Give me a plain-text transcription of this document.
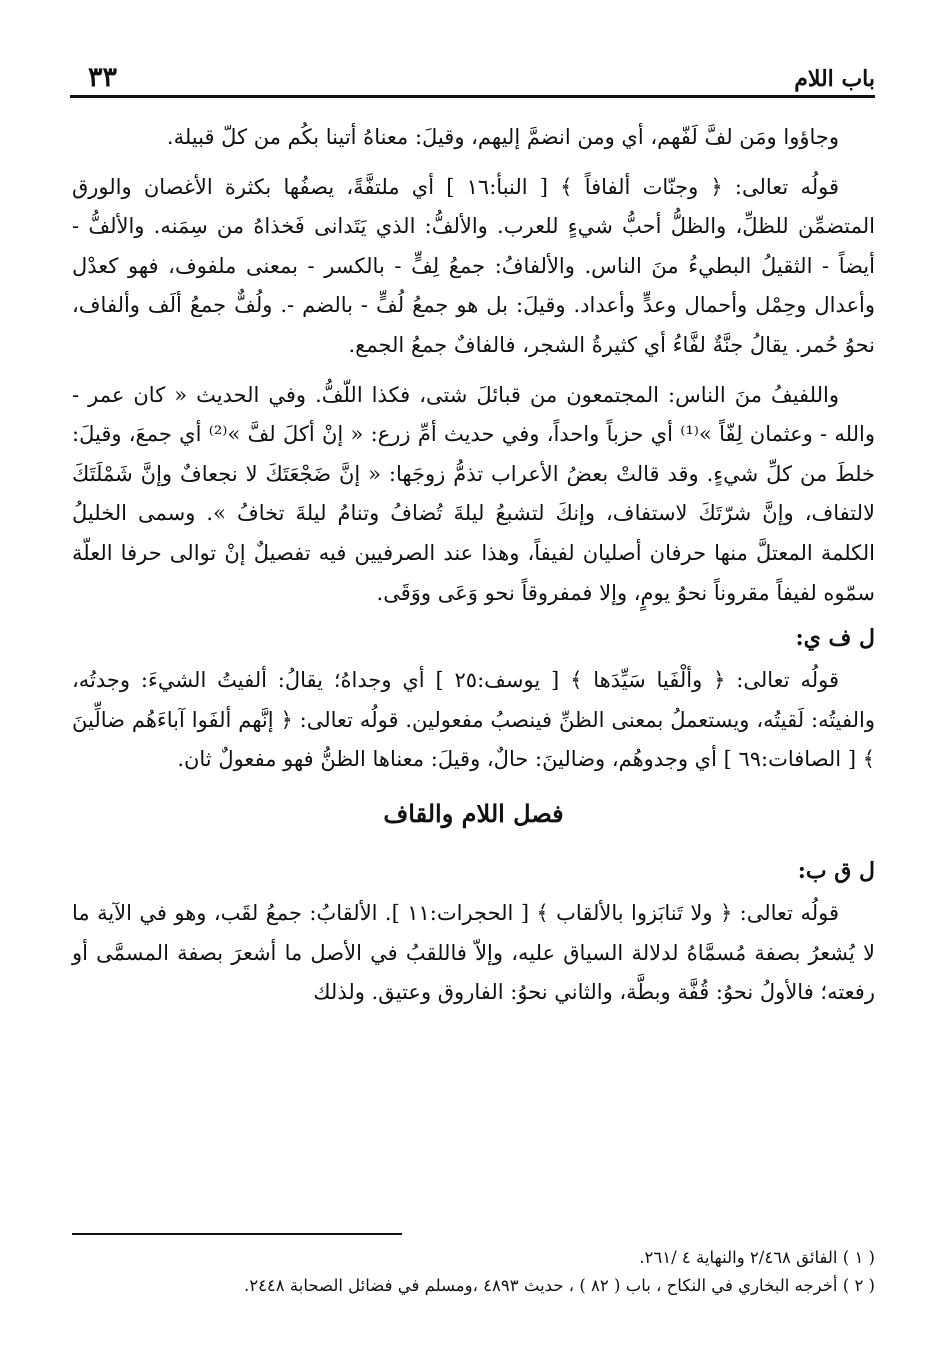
باب اللام
٣٣

وجاؤوا ومَن لفَّ لَفّهم، أي ومن انضمَّ إليهم، وقيلَ: معناهُ أتينا بكُم من كلّ قبيلة.

قولُه تعالى: ﴿ وجنّات ألفافاً ﴾ [ النبأ:١٦ ] أي ملتفَّةً، يصفُها بكثرة الأغصان والورق المتضمِّن للظلِّ، والظلُّ أحبُّ شيءٍ للعرب. والألفُّ: الذي يَتَدانى فَخذاهُ من سِمَنه. والألفُّ - أيضاً - الثقيلُ البطيءُ منَ الناس. والألفافُ: جمعُ لِفٍّ - بالكسر - بمعنى ملفوف، فهو كعدْل وأعدال وحِمْل وأحمال وعدٍّ وأعداد. وقيلَ: بل هو جمعُ لُفٍّ - بالضم -. ولُفٌّ جمعُ ألَف وألفاف، نحوُ حُمر. يقالُ جنَّةٌ لفَّاءُ أي كثيرةُ الشجر، فالفافٌ جمعُ الجمع.

واللفيفُ منَ الناس: المجتمعون من قبائلَ شتى، فكذا اللّفُّ. وفي الحديث « كان عمر - والله - وعثمان لِفّاً »⁽¹⁾ أي حزباً واحداً، وفي حديث أمِّ زرع: « إنْ أكلَ لفَّ »⁽²⁾ أي جمعَ، وقيلَ: خلطَ من كلِّ شيءٍ. وقد قالتْ بعضُ الأعراب تذمُّ زوجَها: « إنَّ ضَجْعَتَكَ لا نجعافٌ وإنَّ شَمْلَتَكَ لالتفاف، وإنَّ شرّتَكَ لاستفاف، وإنكَ لتشبعُ ليلةَ تُضافُ وتنامُ ليلةَ تخافُ ». وسمى الخليلُ الكلمة المعتلَّ منها حرفان أصليان لفيفاً، وهذا عند الصرفيين فيه تفصيلٌ إنْ توالى حرفا العلّة سمّوه لفيفاً مقروناً نحوُ يومٍ، وإلا فمفروقاً نحو وَعَى ووَقَى.

ل ف ي:

قولُه تعالى: ﴿ وألْفَيا سَيِّدَها ﴾ [ يوسف:٢٥ ] أي وجداهُ؛ يقالُ: ألفيتُ الشيءَ: وجدتُه، والفيتُه: لَقيتُه، ويستعملُ بمعنى الظنِّ فينصبُ مفعولين. قولُه تعالى: ﴿ إنَّهم ألفَوا آباءَهُم ضالِّينَ ﴾ [ الصافات:٦٩ ] أي وجدوهُم، وضالينَ: حالٌ، وقيلَ: معناها الظنُّ فهو مفعولٌ ثان.

فصل اللام والقاف
ل ق ب:

قولُه تعالى: ﴿ ولا تَنابَزوا بالألقاب ﴾ [ الحجرات:١١ ]. الألقابُ: جمعُ لقَب، وهو في الآية ما لا يُشعرُ بصفة مُسمَّاهُ لدلالة السياق عليه، وإلاّ فاللقبُ في الأصل ما أشعرَ بصفة المسمَّى أو رفعته؛ فالأولُ نحوُ: قُفَّة وبطَّة، والثاني نحوُ: الفاروق وعتيق. ولذلك

( ١ ) الفائق ٢/٤٦٨ والنهاية ٤ /٢٦١.

( ٢ ) أخرجه البخاري في النكاح ، باب ( ٨٢ ) ، حديث ٤٨٩٣ ،ومسلم في فضائل الصحابة ٢٤٤٨.
